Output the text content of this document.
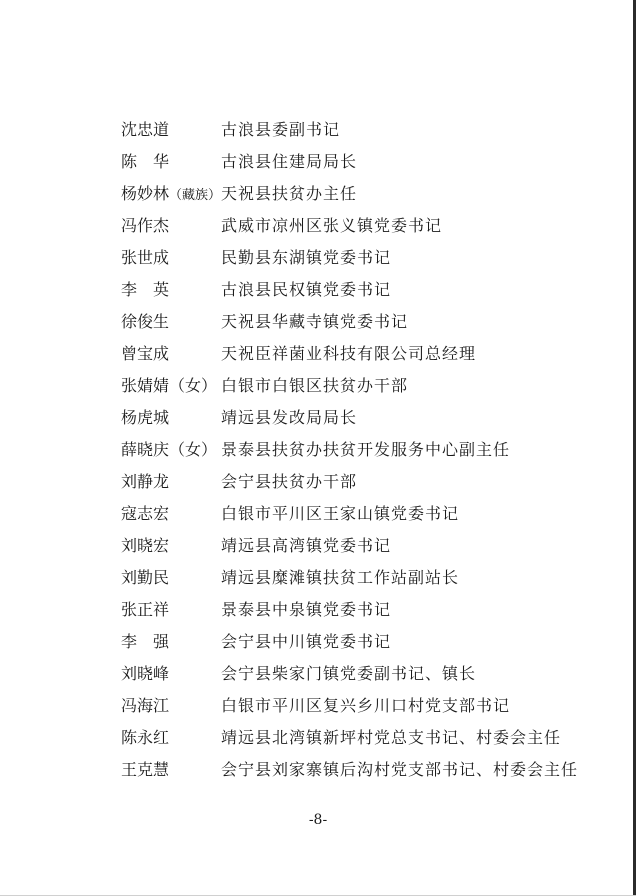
沈忠道	古浪县委副书记
陈　华	古浪县住建局局长
杨妙林（藏族） 天祝县扶贫办主任
冯作杰	武威市凉州区张义镇党委书记
张世成	民勤县东湖镇党委书记
李　英	古浪县民权镇党委书记
徐俊生	天祝县华藏寺镇党委书记
曾宝成	天祝臣祥菌业科技有限公司总经理
张婧婧（女） 白银市白银区扶贫办干部
杨虎城	靖远县发改局局长
薛晓庆（女） 景泰县扶贫办扶贫开发服务中心副主任
刘静龙	会宁县扶贫办干部
寇志宏	白银市平川区王家山镇党委书记
刘晓宏	靖远县高湾镇党委书记
刘勤民	靖远县糜滩镇扶贫工作站副站长
张正祥	景泰县中泉镇党委书记
李　强	会宁县中川镇党委书记
刘晓峰	会宁县柴家门镇党委副书记、镇长
冯海江	白银市平川区复兴乡川口村党支部书记
陈永红	靖远县北湾镇新坪村党总支书记、村委会主任
王克慧	会宁县刘家寨镇后沟村党支部书记、村委会主任
-8-
